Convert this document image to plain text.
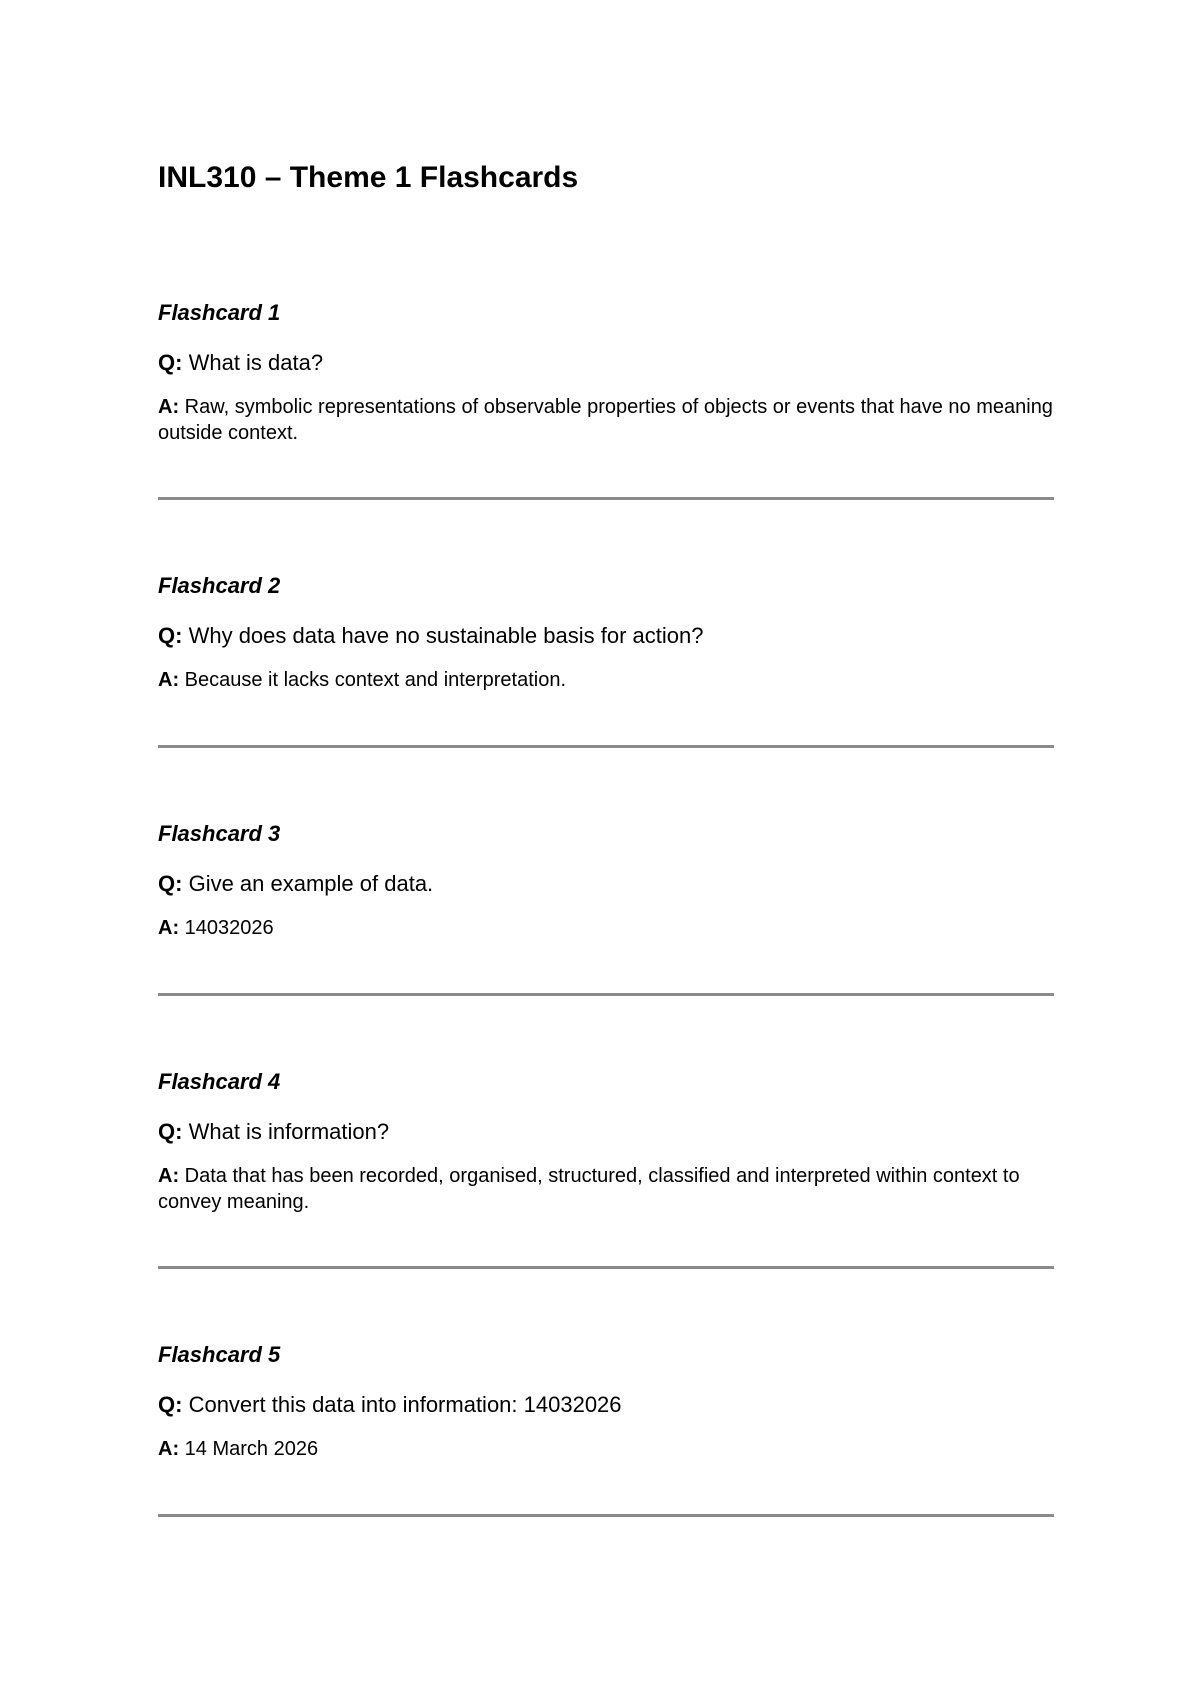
INL310 – Theme 1 Flashcards

Flashcard 1

Q: What is data?

A: Raw, symbolic representations of observable properties of objects or events that have no meaning outside context.

Flashcard 2

Q: Why does data have no sustainable basis for action?

A: Because it lacks context and interpretation.

Flashcard 3

Q: Give an example of data.

A: 14032026

Flashcard 4

Q: What is information?

A: Data that has been recorded, organised, structured, classified and interpreted within context to convey meaning.

Flashcard 5

Q: Convert this data into information: 14032026

A: 14 March 2026
